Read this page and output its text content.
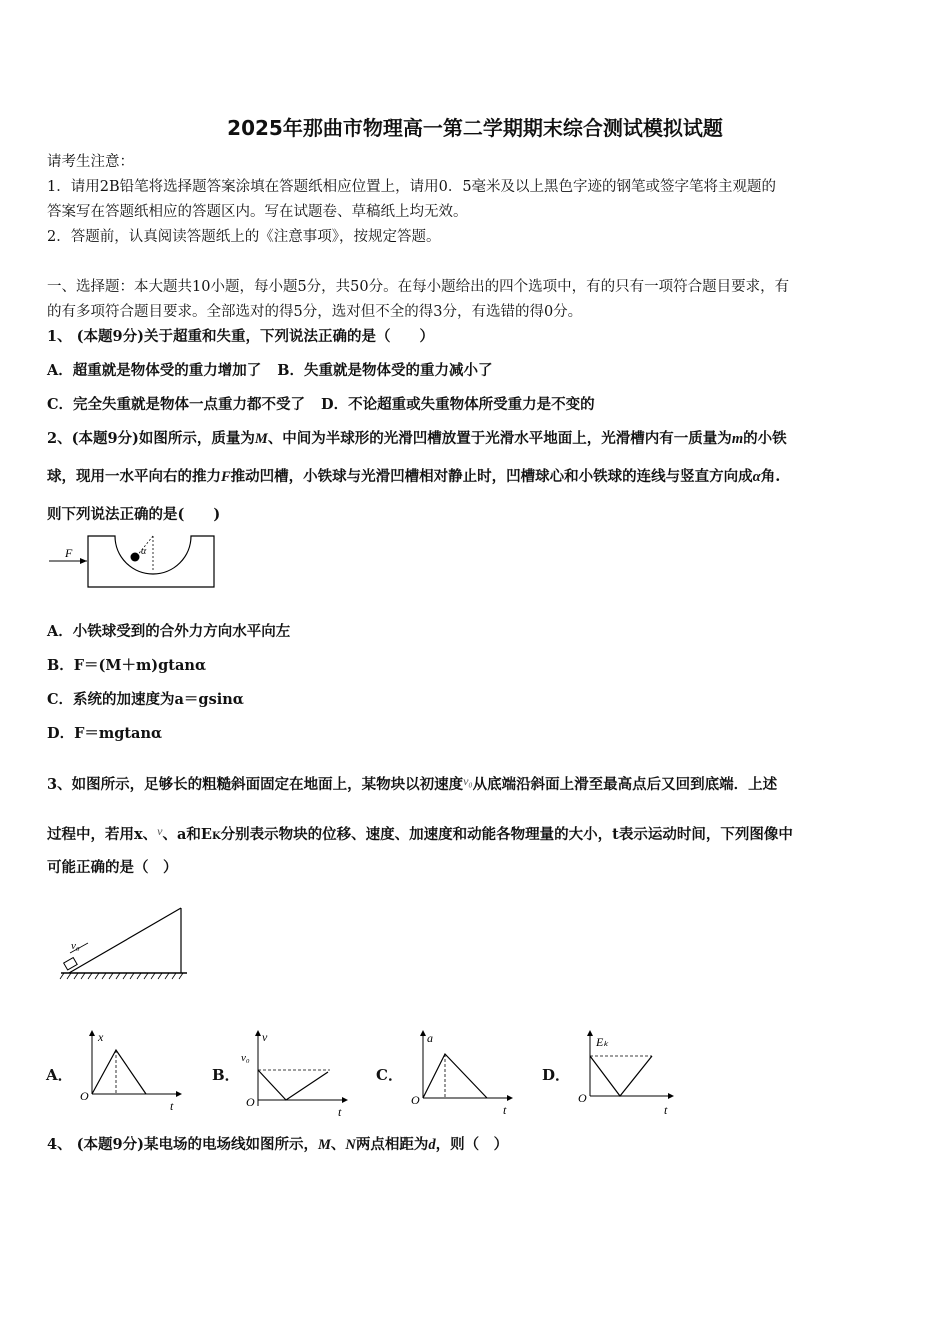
2025年那曲市物理高一第二学期期末综合测试模拟试题
请考生注意：
1．请用2B铅笔将选择题答案涂填在答题纸相应位置上，请用0．5毫米及以上黑色字迹的钢笔或签字笔将主观题的
答案写在答题纸相应的答题区内。写在试题卷、草稿纸上均无效。
2．答题前，认真阅读答题纸上的《注意事项》，按规定答题。
一、选择题：本大题共10小题，每小题5分，共50分。在每小题给出的四个选项中，有的只有一项符合题目要求，有
的有多项符合题目要求。全部选对的得5分，选对但不全的得3分，有选错的得0分。
1、 (本题9分)关于超重和失重，下列说法正确的是（　　）
A．超重就是物体受的重力增加了 B．失重就是物体受的重力减小了
C．完全失重就是物体一点重力都不受了 D．不论超重或失重物体所受重力是不变的
2、(本题9分)如图所示，质量为M、中间为半球形的光滑凹槽放置于光滑水平地面上，光滑槽内有一质量为m的小铁
球，现用一水平向右的推力F推动凹槽，小铁球与光滑凹槽相对静止时，凹槽球心和小铁球的连线与竖直方向成α角.
则下列说法正确的是(　　)
F	α
A．小铁球受到的合外力方向水平向左
B．F＝(M＋m)gtanα
C．系统的加速度为a＝gsinα
D．F＝mgtanα
3、如图所示，足够长的粗糙斜面固定在地面上，某物块以初速度$^{v_0}$从底端沿斜面上滑至最高点后又回到底端．上述
过程中，若用x、$^v$、a和EK分别表示物块的位移、速度、加速度和动能各物理量的大小，t表示运动时间，下列图像中
可能正确的是（　）
v₀
A．
x
t
O
B．
v
v₀
t
O
C．
a
t
O
D．
Eₖ
t
O
4、 (本题9分)某电场的电场线如图所示，M、N两点相距为d，则（　）
